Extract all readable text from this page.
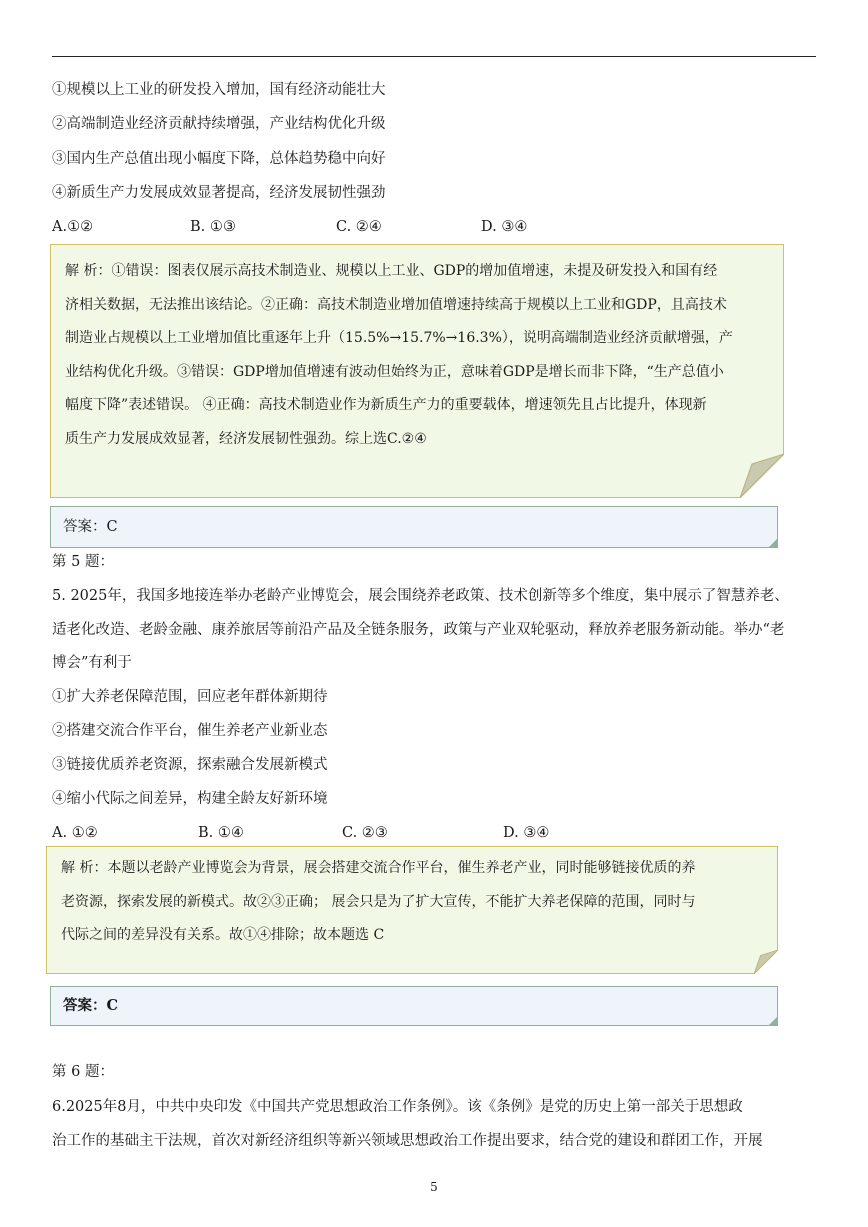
①规模以上工业的研发投入增加，国有经济动能壮大
②高端制造业经济贡献持续增强，产业结构优化升级
③国内生产总值出现小幅度下降，总体趋势稳中向好
④新质生产力发展成效显著提高，经济发展韧性强劲
A.①②	B. ①③	C. ②④	D. ③④
解 析：①错误：图表仅展示高技术制造业、规模以上工业、GDP的增加值增速，未提及研发投入和国有经
济相关数据，无法推出该结论。②正确：高技术制造业增加值增速持续高于规模以上工业和GDP，且高技术
制造业占规模以上工业增加值比重逐年上升（15.5%→15.7%→16.3%），说明高端制造业经济贡献增强，产
业结构优化升级。③错误：GDP增加值增速有波动但始终为正，意味着GDP是增长而非下降，“生产总值小
幅度下降”表述错误。 ④正确：高技术制造业作为新质生产力的重要载体，增速领先且占比提升，体现新
质生产力发展成效显著，经济发展韧性强劲。综上选C.②④
答案：C
第 5 题：
5. 2025年，我国多地接连举办老龄产业博览会，展会围绕养老政策、技术创新等多个维度，集中展示了智慧养老、
适老化改造、老龄金融、康养旅居等前沿产品及全链条服务，政策与产业双轮驱动，释放养老服务新动能。举办“老
博会”有利于
①扩大养老保障范围，回应老年群体新期待
②搭建交流合作平台，催生养老产业新业态
③链接优质养老资源，探索融合发展新模式
④缩小代际之间差异，构建全龄友好新环境
A. ①②	B. ①④	C. ②③	D. ③④
解 析：本题以老龄产业博览会为背景，展会搭建交流合作平台，催生养老产业，同时能够链接优质的养
老资源，探索发展的新模式。故②③正确； 展会只是为了扩大宣传，不能扩大养老保障的范围，同时与
代际之间的差异没有关系。故①④排除；故本题选 C
答案：C
第 6 题：
6.2025年8月，中共中央印发《中国共产党思想政治工作条例》。该《条例》是党的历史上第一部关于思想政
治工作的基础主干法规，首次对新经济组织等新兴领域思想政治工作提出要求，结合党的建设和群团工作，开展
5
